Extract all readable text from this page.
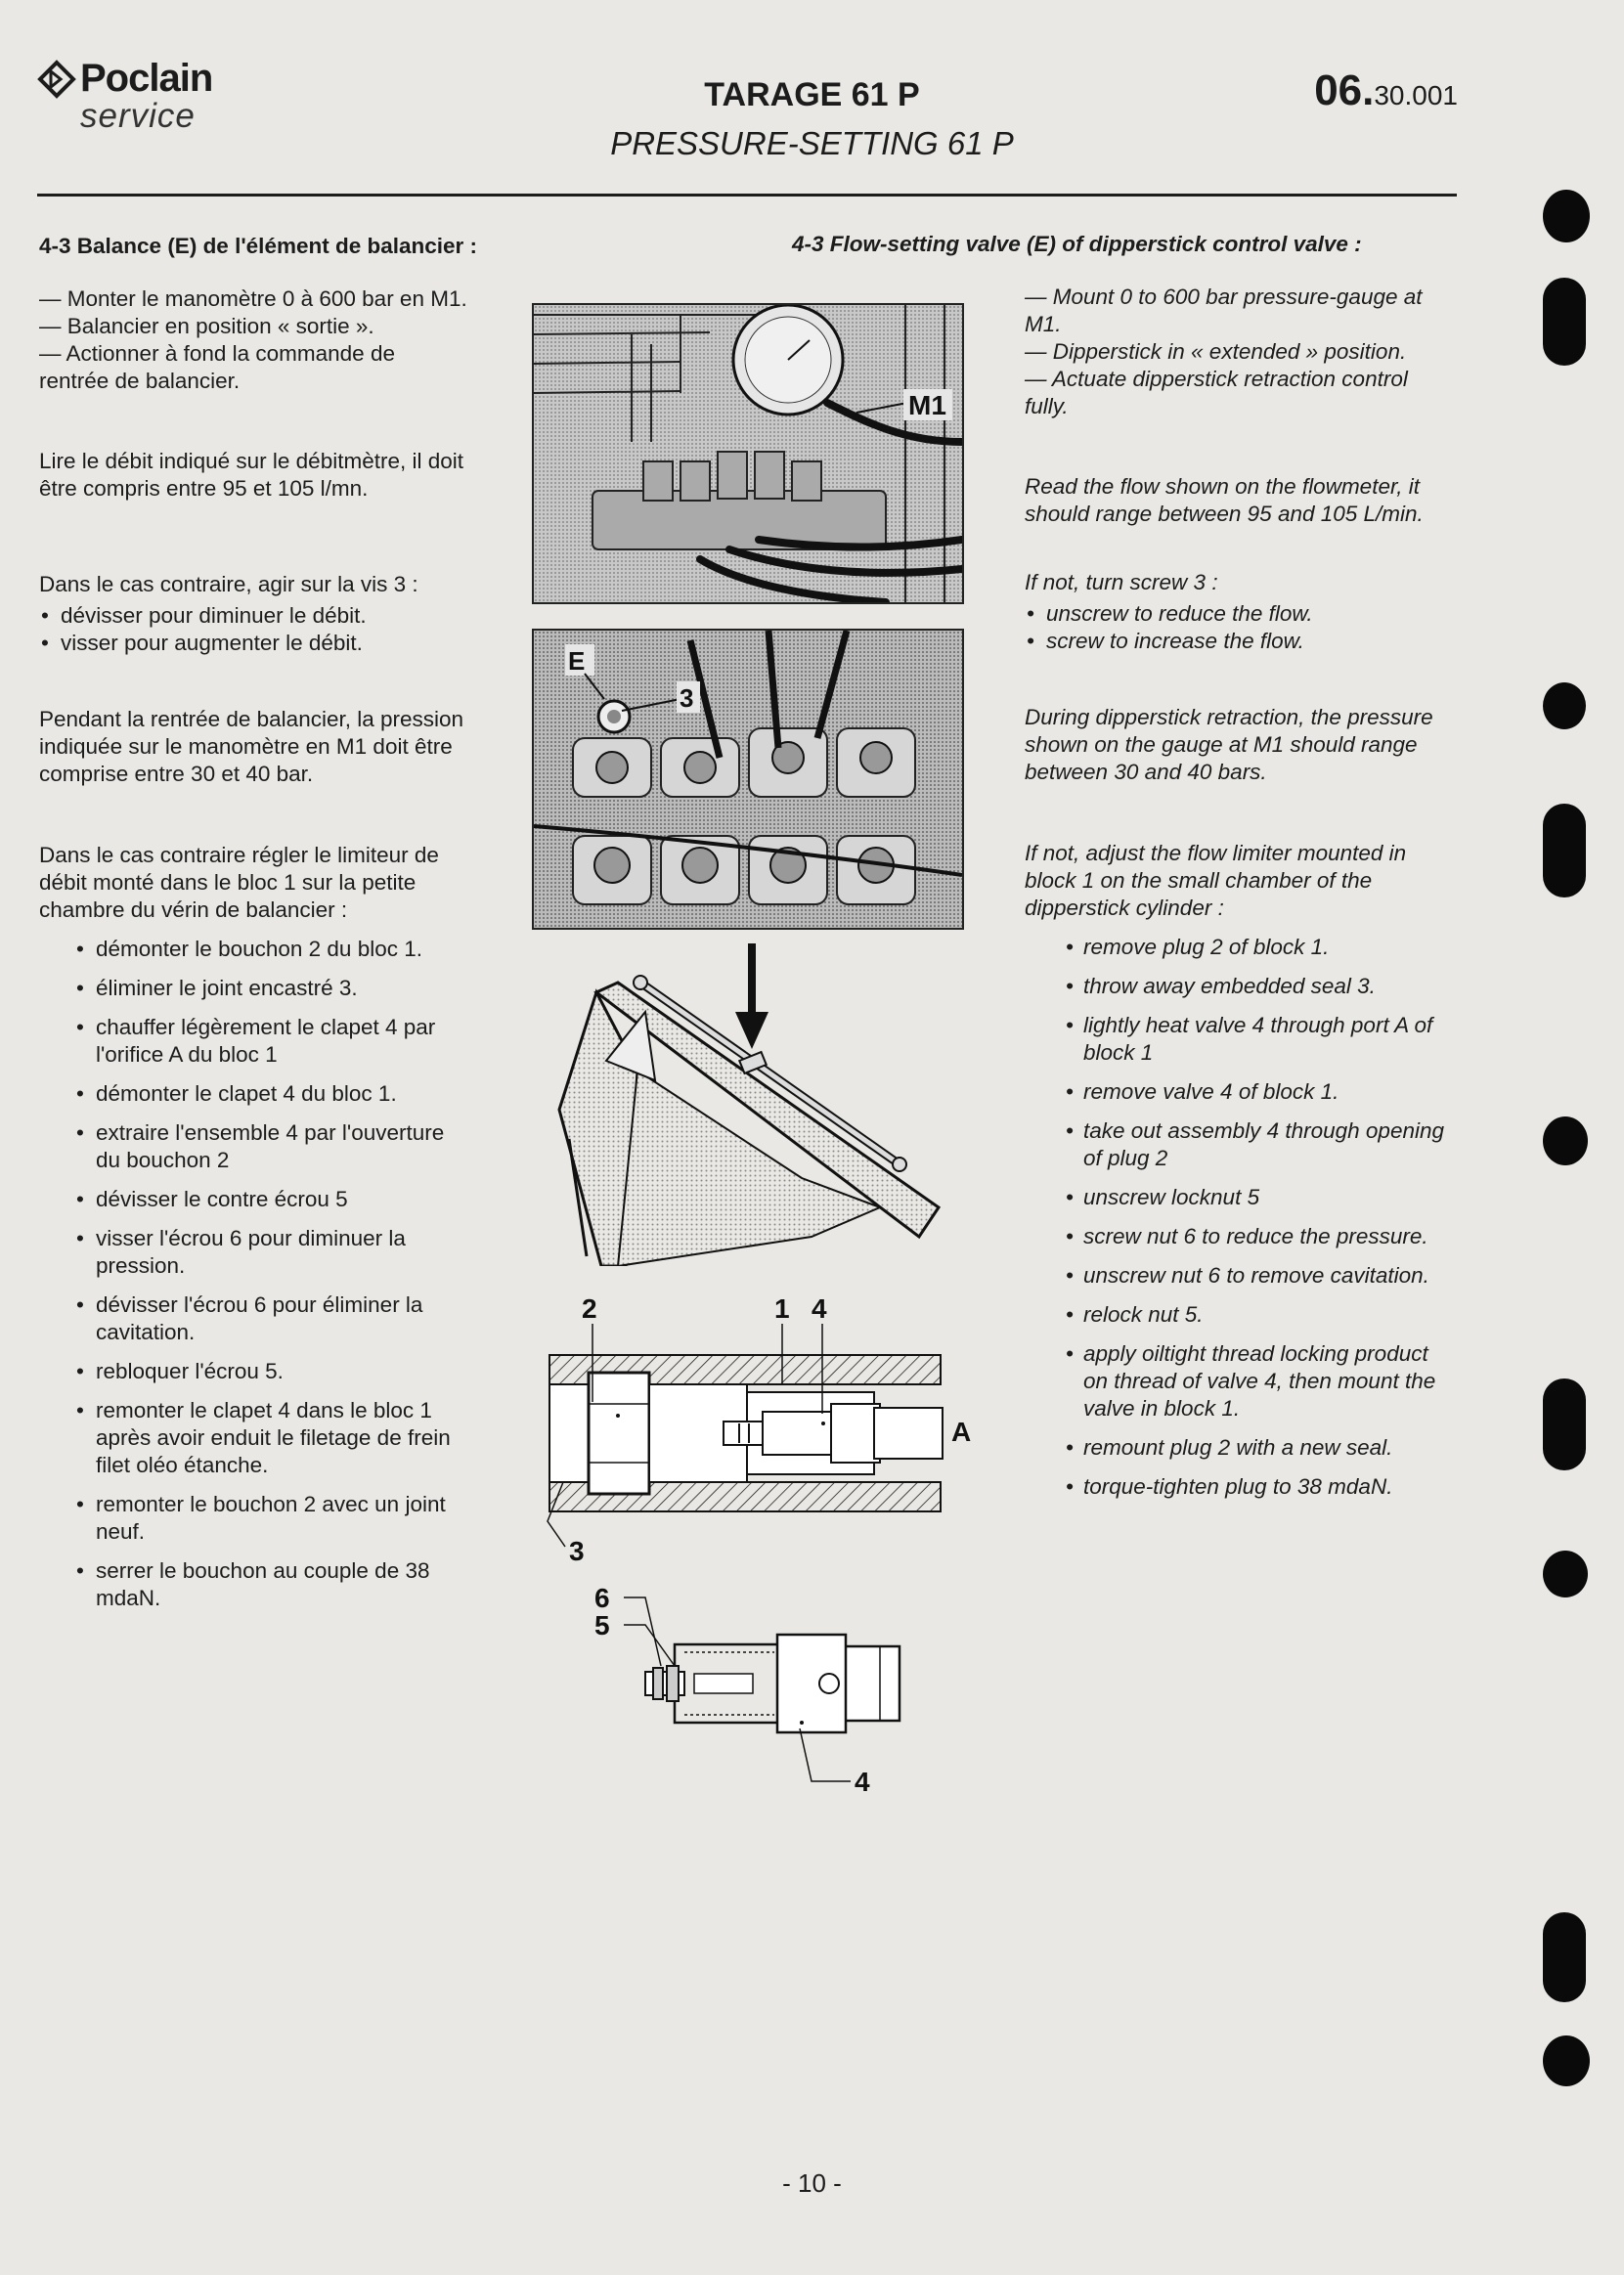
Poclain
service
TARAGE 61 P
PRESSURE-SETTING 61 P
06.30.001

4-3 Balance (E) de l'élément de balancier :

— Monter le manomètre 0 à 600 bar en M1.

— Balancier en position « sortie ».

— Actionner à fond la commande de rentrée de balancier.

Lire le débit indiqué sur le débitmètre, il doit être compris entre 95 et 105 l/mn.

Dans le cas contraire, agir sur la vis 3 :

• dévisser pour diminuer le débit.

• visser pour augmenter le débit.

Pendant la rentrée de balancier, la pression indiquée sur le manomètre en M1 doit être comprise entre 30 et 40 bar.

Dans le cas contraire régler le limiteur de débit monté dans le bloc 1 sur la petite chambre du vérin de balancier :

• démonter le bouchon 2 du bloc 1.

• éliminer le joint encastré 3.

• chauffer légèrement le clapet 4 par l'orifice A du bloc 1

• démonter le clapet 4 du bloc 1.

• extraire l'ensemble 4 par l'ouverture du bouchon 2

• dévisser le contre écrou 5

• visser l'écrou 6 pour diminuer la pression.

• dévisser l'écrou 6 pour éliminer la cavitation.

• rebloquer l'écrou 5.

• remonter le clapet 4 dans le bloc 1 après avoir enduit le filetage de frein filet oléo étanche.

• remonter le bouchon 2 avec un joint neuf.

• serrer le bouchon au couple de 38 mdaN.

4-3 Flow-setting valve (E) of dipperstick control valve :

— Mount 0 to 600 bar pressure-gauge at M1.

— Dipperstick in « extended » position.

— Actuate dipperstick retraction control fully.

Read the flow shown on the flowmeter, it should range between 95 and 105 L/min.

If not, turn screw 3 :

• unscrew to reduce the flow.

• screw to increase the flow.

During dipperstick retraction, the pressure shown on the gauge at M1 should range between 30 and 40 bars.

If not, adjust the flow limiter mounted in block 1 on the small chamber of the dipperstick cylinder :

• remove plug 2 of block 1.

• throw away embedded seal 3.

• lightly heat valve 4 through port A of block 1

• remove valve 4 of block 1.

• take out assembly 4 through opening of plug 2

• unscrew locknut 5

• screw nut 6 to reduce the pressure.

• unscrew nut 6 to remove cavitation.

• relock nut 5.

• apply oiltight thread locking product on thread of valve 4, then mount the valve in block 1.

• remount plug 2 with a new seal.

• torque-tighten plug to 38 mdaN.

M1
E
3
2	1 4
A
3
6
5
4
- 10 -
